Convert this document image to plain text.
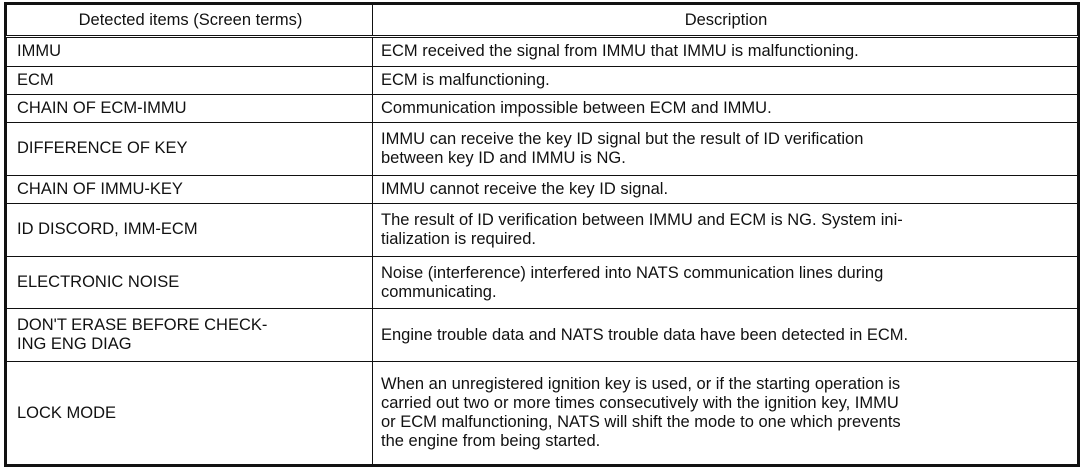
Detected items (Screen terms)	Description
IMMU	ECM received the signal from IMMU that IMMU is malfunctioning.
ECM	ECM is malfunctioning.
CHAIN OF ECM-IMMU	Communication impossible between ECM and IMMU.
DIFFERENCE OF KEY	IMMU can receive the key ID signal but the result of ID verification
between key ID and IMMU is NG.
CHAIN OF IMMU-KEY	IMMU cannot receive the key ID signal.
ID DISCORD, IMM-ECM	The result of ID verification between IMMU and ECM is NG. System ini-
tialization is required.
ELECTRONIC NOISE	Noise (interference) interfered into NATS communication lines during
communicating.
DON'T ERASE BEFORE CHECK-
ING ENG DIAG	Engine trouble data and NATS trouble data have been detected in ECM.
LOCK MODE	When an unregistered ignition key is used, or if the starting operation is
carried out two or more times consecutively with the ignition key, IMMU
or ECM malfunctioning, NATS will shift the mode to one which prevents
the engine from being started.
